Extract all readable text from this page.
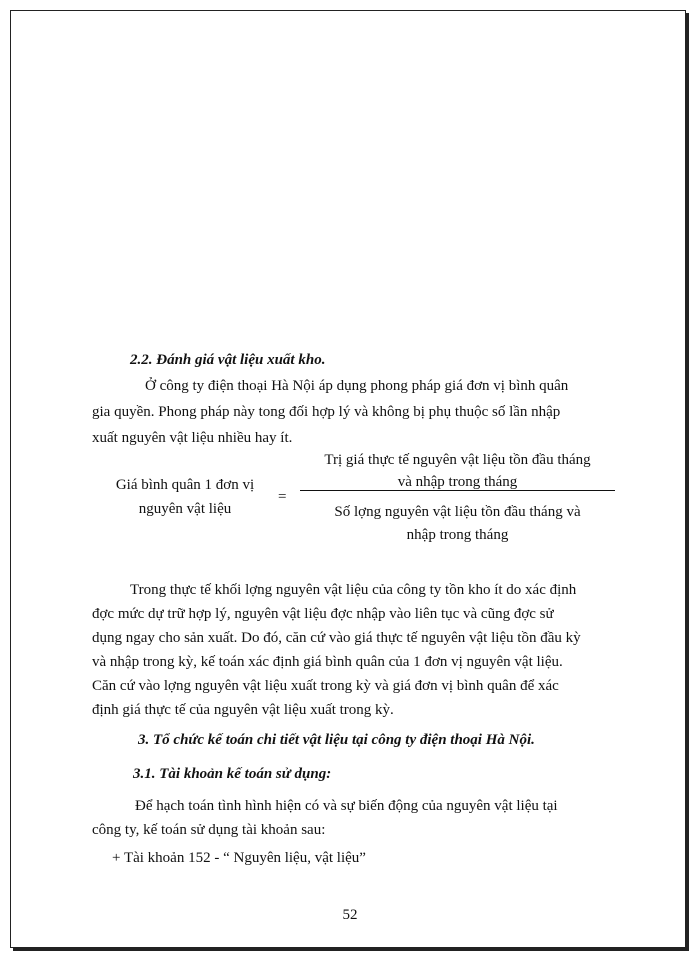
2.2. Đánh giá vật liệu xuất kho.
Ở công ty điện thoại Hà Nội áp dụng phong pháp giá đơn vị bình quân
gia quyền. Phong pháp này tong đối hợp lý và không bị phụ thuộc số lần nhập
xuất nguyên vật liệu nhiều hay ít.
Giá bình quân 1 đơn vị
nguyên vật liệu
=
Trị giá thực tế nguyên vật liệu tồn đầu tháng
và nhập trong tháng
Số lợng nguyên vật liệu tồn đầu tháng và
nhập trong tháng
Trong thực tế khối lợng nguyên vật liệu của công ty tồn kho ít do xác định
đợc mức dự trữ hợp lý, nguyên vật liệu đợc nhập vào liên tục và cũng đợc sử
dụng ngay cho sản xuất. Do đó, căn cứ vào giá thực tế nguyên vật liệu tồn đầu kỳ
và nhập trong kỳ, kế toán xác định giá bình quân của 1 đơn vị nguyên vật liệu.
Căn cứ vào lợng nguyên vật liệu xuất trong kỳ và giá đơn vị bình quân để xác
định giá thực tế của nguyên vật liệu xuất trong kỳ.
3. Tổ chức kế toán chi tiết vật liệu tại công ty điện thoại Hà Nội.
3.1. Tài khoản kế toán sử dụng:
Để hạch toán tình hình hiện có và sự biến động của nguyên vật liệu tại
công ty, kế toán sử dụng tài khoản sau:
+ Tài khoản 152 - “ Nguyên liệu, vật liệu”
52
